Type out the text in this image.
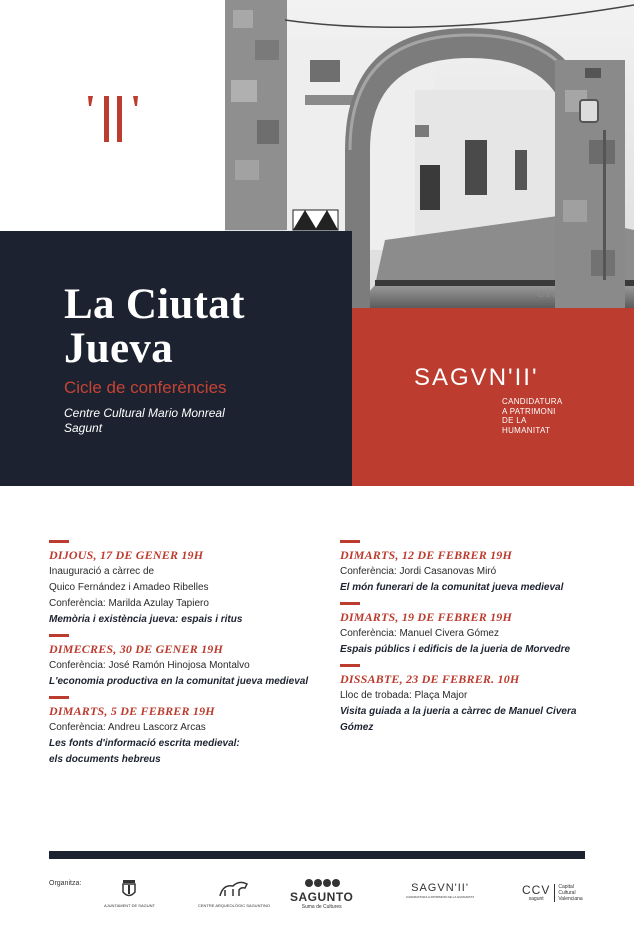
©Pedro Sospedra
La Ciutat
Jueva
Cicle de conferències
Centre Cultural Mario Monreal
Sagunt
SAGVN'II'
CANDIDATURA
A PATRIMONI
DE LA
HUMANITAT
DIJOUS, 17 DE GENER 19H
Inauguració a càrrec de
Quico Fernández i Amadeo Ribelles
Conferència: Marilda Azulay Tapiero
Memòria i existència jueva: espais i ritus
DIMECRES, 30 DE GENER 19H
Conferència: José Ramón Hinojosa Montalvo
L'economia productiva en la comunitat jueva medieval
DIMARTS, 5 DE FEBRER 19H
Conferència: Andreu Lascorz Arcas
Les fonts d'informació escrita medieval:
els documents hebreus
DIMARTS, 12 DE FEBRER 19H
Conferència: Jordi Casanovas Miró
El món funerari de la comunitat jueva medieval
DIMARTS, 19 DE FEBRER 19H
Conferència: Manuel Civera Gómez
Espais públics i edificis de la jueria de Morvedre
DISSABTE, 23 DE FEBRER. 10H
Lloc de trobada: Plaça Major
Visita guiada a la jueria a càrrec de Manuel Civera
Gómez
Organitza:
AJUNTAMENT DE SAGUNT	CENTRE ARQUEOLÒGIC SAGUNTINO
SAGUNTO
Suma de Cultures
SAGVN'II'
CANDIDATURA A PATRIMONI DE LA HUMANITAT	CCV
sagunt
Capital Cultural Valenciana
